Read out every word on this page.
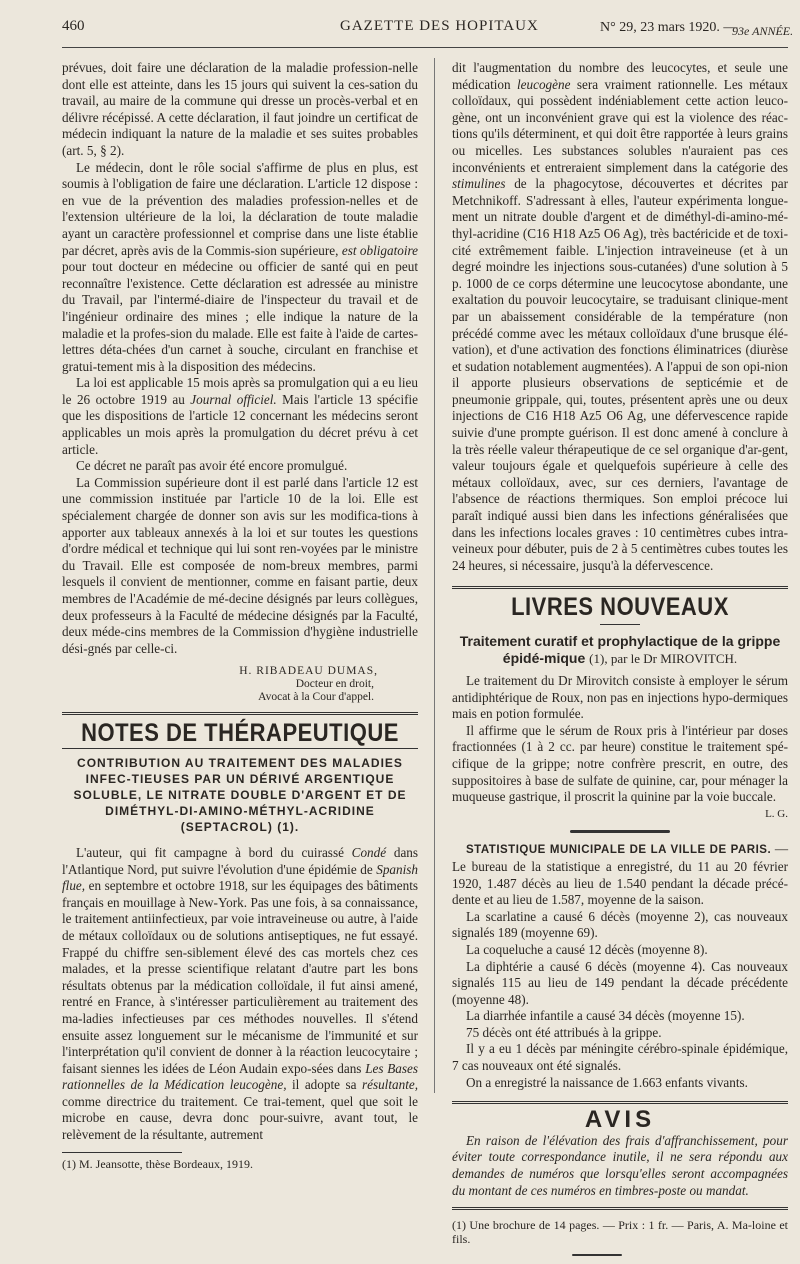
460	GAZETTE DES HOPITAUX	N° 29, 23 mars 1920. —
93e ANNÉE.

prévues, doit faire une déclaration de la maladie profession-nelle dont elle est atteinte, dans les 15 jours qui suivent la ces-sation du travail, au maire de la commune qui dresse un procès-verbal et en délivre récépissé. A cette déclaration, il faut joindre un certificat de médecin indiquant la nature de la maladie et ses suites probables (art. 5, § 2).

Le médecin, dont le rôle social s'affirme de plus en plus, est soumis à l'obligation de faire une déclaration. L'article 12 dispose : en vue de la prévention des maladies profession-nelles et de l'extension ultérieure de la loi, la déclaration de toute maladie ayant un caractère professionnel et comprise dans une liste établie par décret, après avis de la Commis-sion supérieure, est obligatoire pour tout docteur en médecine ou officier de santé qui en peut reconnaître l'existence. Cette déclaration est adressée au ministre du Travail, par l'intermé-diaire de l'inspecteur du travail et de l'ingénieur ordinaire des mines ; elle indique la nature de la maladie et la profes-sion du malade. Elle est faite à l'aide de cartes-lettres déta-chées d'un carnet à souche, circulant en franchise et gratui-tement mis à la disposition des médecins.

La loi est applicable 15 mois après sa promulgation qui a eu lieu le 26 octobre 1919 au Journal officiel. Mais l'article 13 spécifie que les dispositions de l'article 12 concernant les médecins seront applicables un mois après la promulgation du décret prévu à cet article.

Ce décret ne paraît pas avoir été encore promulgué.

La Commission supérieure dont il est parlé dans l'article 12 est une commission instituée par l'article 10 de la loi. Elle est spécialement chargée de donner son avis sur les modifica-tions à apporter aux tableaux annexés à la loi et sur toutes les questions d'ordre médical et technique qui lui sont ren-voyées par le ministre du Travail. Elle est composée de nom-breux membres, parmi lesquels il convient de mentionner, comme en faisant partie, deux membres de l'Académie de mé-decine désignés par leurs collègues, deux professeurs à la Faculté de médecine désignés par la Faculté, deux méde-cins membres de la Commission d'hygiène industrielle dési-gnés par celle-ci.

H. RIBADEAU DUMAS,
Docteur en droit,
Avocat à la Cour d'appel.
NOTES DE THÉRAPEUTIQUE
CONTRIBUTION AU TRAITEMENT DES MALADIES INFEC-TIEUSES PAR UN DÉRIVÉ ARGENTIQUE SOLUBLE, LE NITRATE DOUBLE D'ARGENT ET DE DIMÉTHYL-DI-AMINO-MÉTHYL-ACRIDINE (SEPTACROL) (1).

L'auteur, qui fit campagne à bord du cuirassé Condé dans l'Atlantique Nord, put suivre l'évolution d'une épidémie de Spanish flue, en septembre et octobre 1918, sur les équipages des bâtiments français en mouillage à New-York. Pas une fois, à sa connaissance, le traitement antiinfectieux, par voie intraveineuse ou autre, à l'aide de métaux colloïdaux ou de solutions antiseptiques, ne fut essayé. Frappé du chiffre sen-siblement élevé des cas mortels chez ces malades, et la presse scientifique relatant d'autre part les bons résultats obtenus par la médication colloïdale, il fut ainsi amené, rentré en France, à s'intéresser particulièrement au traitement des ma-ladies infectieuses par ces méthodes nouvelles. Il s'étend ensuite assez longuement sur le mécanisme de l'immunité et sur l'interprétation qu'il convient de donner à la réaction leucocytaire ; faisant siennes les idées de Léon Audain expo-sées dans Les Bases rationnelles de la Médication leucogène, il adopte sa résultante, comme directrice du traitement. Ce trai-tement, quel que soit le microbe en cause, devra donc pour-suivre, avant tout, le relèvement de la résultante, autrement

(1) M. Jeansotte, thèse Bordeaux, 1919.

dit l'augmentation du nombre des leucocytes, et seule une médication leucogène sera vraiment rationnelle. Les métaux colloïdaux, qui possèdent indéniablement cette action leuco-gène, ont un inconvénient grave qui est la violence des réac-tions qu'ils déterminent, et qui doit être rapportée à leurs grains ou micelles. Les substances solubles n'auraient pas ces inconvénients et entreraient simplement dans la catégorie des stimulines de la phagocytose, découvertes et décrites par Metchnikoff. S'adressant à elles, l'auteur expérimenta longue-ment un nitrate double d'argent et de diméthyl-di-amino-mé-thyl-acridine (C16 H18 Az5 O6 Ag), très bactéricide et de toxi-cité extrêmement faible. L'injection intraveineuse (et à un degré moindre les injections sous-cutanées) d'une solution à 5 p. 1000 de ce corps détermine une leucocytose abondante, une exaltation du pouvoir leucocytaire, se traduisant clinique-ment par un abaissement considérable de la température (non précédé comme avec les métaux colloïdaux d'une brusque élé-vation), et d'une activation des fonctions éliminatrices (diurèse et sudation notablement augmentées). A l'appui de son opi-nion il apporte plusieurs observations de septicémie et de pneumonie grippale, qui, toutes, présentent après une ou deux injections de C16 H18 Az5 O6 Ag, une défervescence rapide suivie d'une prompte guérison. Il est donc amené à conclure à la très réelle valeur thérapeutique de ce sel organique d'ar-gent, valeur toujours égale et quelquefois supérieure à celle des métaux colloïdaux, avec, sur ces derniers, l'avantage de l'absence de réactions thermiques. Son emploi précoce lui paraît indiqué aussi bien dans les infections généralisées que dans les infections locales graves : 10 centimètres cubes intra-veineux pour débuter, puis de 2 à 5 centimètres cubes toutes les 24 heures, si nécessaire, jusqu'à la défervescence.

LIVRES NOUVEAUX
Traitement curatif et prophylactique de la grippe épidé-mique (1), par le Dr MIROVITCH.

Le traitement du Dr Mirovitch consiste à employer le sérum antidiphtérique de Roux, non pas en injections hypo-dermiques mais en potion formulée.

Il affirme que le sérum de Roux pris à l'intérieur par doses fractionnées (1 à 2 cc. par heure) constitue le traitement spé-cifique de la grippe; notre confrère prescrit, en outre, des suppositoires à base de sulfate de quinine, car, pour ménager la muqueuse gastrique, il proscrit la quinine par la voie buccale.

L. G.

STATISTIQUE MUNICIPALE DE LA VILLE DE PARIS. — Le bureau de la statistique a enregistré, du 11 au 20 février 1920, 1.487 décès au lieu de 1.540 pendant la décade précé-dente et au lieu de 1.587, moyenne de la saison.

La scarlatine a causé 6 décès (moyenne 2), cas nouveaux signalés 189 (moyenne 69).

La coqueluche a causé 12 décès (moyenne 8).

La diphtérie a causé 6 décès (moyenne 4). Cas nouveaux signalés 115 au lieu de 149 pendant la décade précédente (moyenne 48).

La diarrhée infantile a causé 34 décès (moyenne 15).

75 décès ont été attribués à la grippe.

Il y a eu 1 décès par méningite cérébro-spinale épidémique, 7 cas nouveaux ont été signalés.

On a enregistré la naissance de 1.663 enfants vivants.

AVIS

En raison de l'élévation des frais d'affranchissement, pour éviter toute correspondance inutile, il ne sera répondu aux demandes de numéros que lorsqu'elles seront accompagnées du montant de ces numéros en timbres-poste ou mandat.

(1) Une brochure de 14 pages. — Prix : 1 fr. — Paris, A. Ma-loine et fils.
